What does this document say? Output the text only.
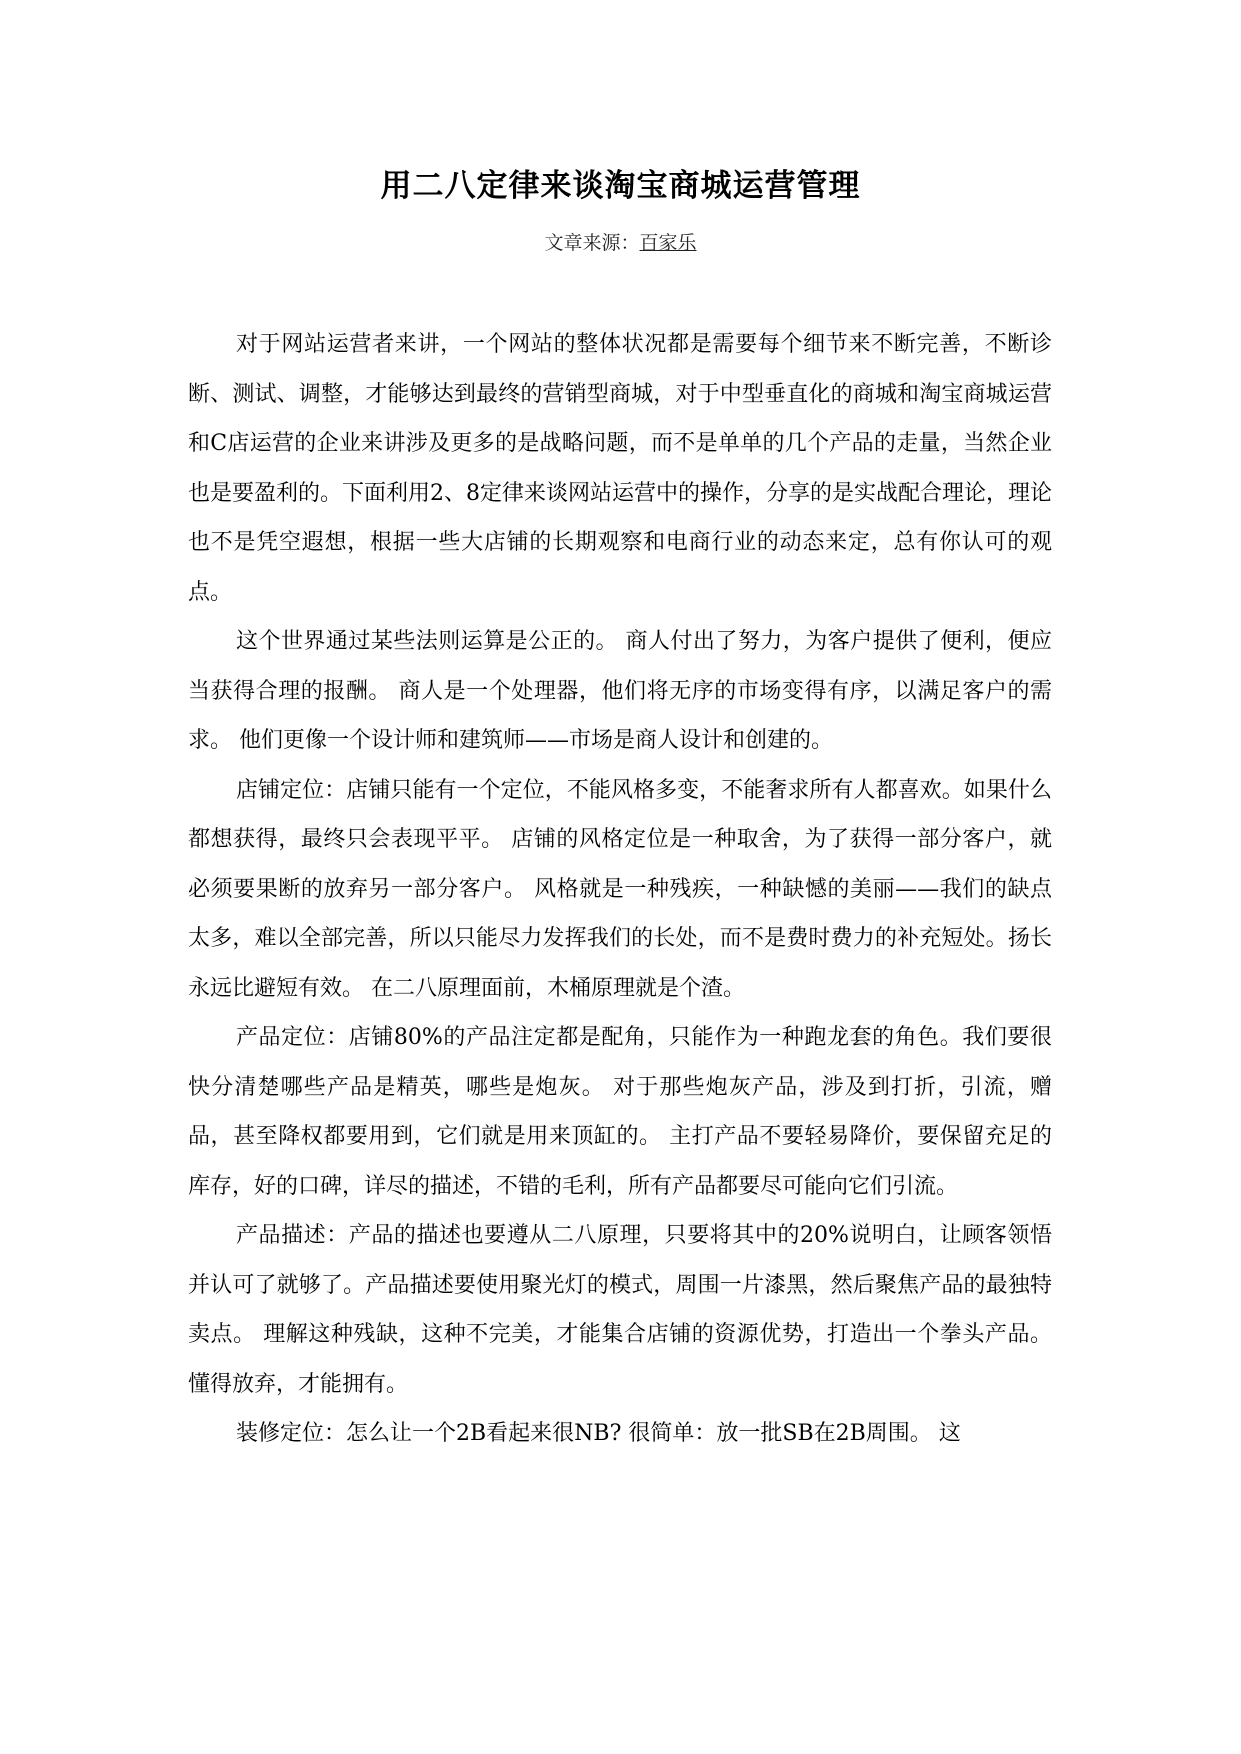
用二八定律来谈淘宝商城运营管理
文章来源：百家乐

对于网站运营者来讲，一个网站的整体状况都是需要每个细节来不断完善，不断诊断、测试、调整，才能够达到最终的营销型商城，对于中型垂直化的商城和淘宝商城运营和C店运营的企业来讲涉及更多的是战略问题，而不是单单的几个产品的走量，当然企业也是要盈利的。下面利用2、8定律来谈网站运营中的操作，分享的是实战配合理论，理论也不是凭空遐想，根据一些大店铺的长期观察和电商行业的动态来定，总有你认可的观点。

这个世界通过某些法则运算是公正的。 商人付出了努力，为客户提供了便利，便应当获得合理的报酬。 商人是一个处理器，他们将无序的市场变得有序，以满足客户的需求。 他们更像一个设计师和建筑师——市场是商人设计和创建的。

店铺定位：店铺只能有一个定位，不能风格多变，不能奢求所有人都喜欢。如果什么都想获得，最终只会表现平平。 店铺的风格定位是一种取舍，为了获得一部分客户，就必须要果断的放弃另一部分客户。 风格就是一种残疾，一种缺憾的美丽——我们的缺点太多，难以全部完善，所以只能尽力发挥我们的长处，而不是费时费力的补充短处。扬长永远比避短有效。 在二八原理面前，木桶原理就是个渣。

产品定位：店铺80%的产品注定都是配角，只能作为一种跑龙套的角色。我们要很快分清楚哪些产品是精英，哪些是炮灰。 对于那些炮灰产品，涉及到打折，引流，赠品，甚至降权都要用到，它们就是用来顶缸的。 主打产品不要轻易降价，要保留充足的库存，好的口碑，详尽的描述，不错的毛利，所有产品都要尽可能向它们引流。

产品描述：产品的描述也要遵从二八原理，只要将其中的20%说明白，让顾客领悟并认可了就够了。产品描述要使用聚光灯的模式，周围一片漆黑，然后聚焦产品的最独特卖点。 理解这种残缺，这种不完美，才能集合店铺的资源优势，打造出一个拳头产品。 懂得放弃，才能拥有。

装修定位：怎么让一个2B看起来很NB? 很简单：放一批SB在2B周围。 这
